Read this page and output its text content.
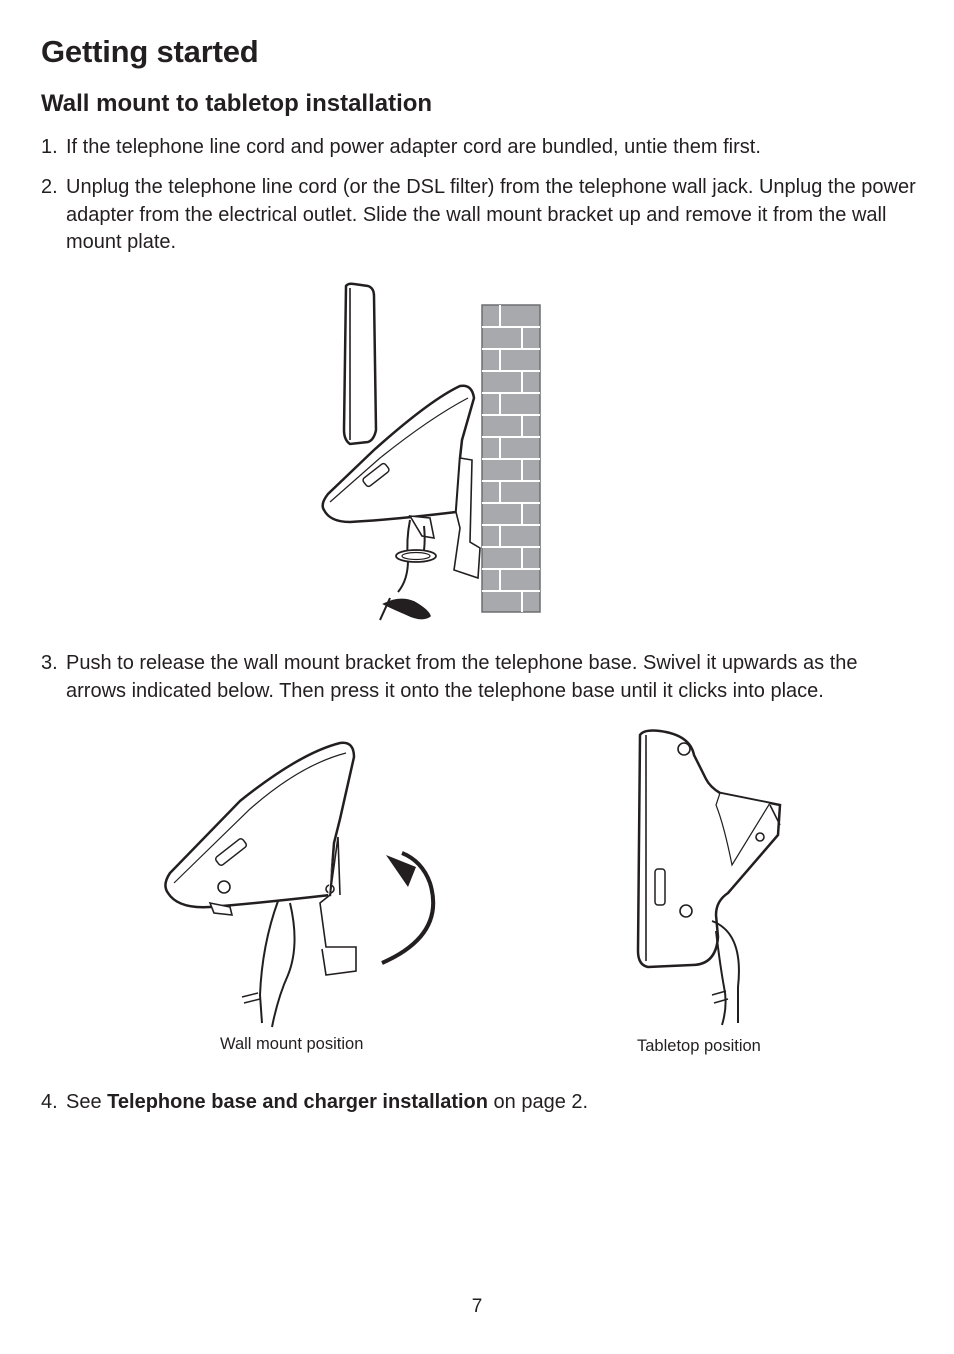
Getting started
Wall mount to tabletop installation
1. If the telephone line cord and power adapter cord are bundled, untie them first.
2. Unplug the telephone line cord (or the DSL filter) from the telephone wall jack. Unplug the power adapter from the electrical outlet. Slide the wall mount bracket up and remove it from the wall mount plate.
3. Push to release the wall mount bracket from the telephone base. Swivel it upwards as the arrows indicated below. Then press it onto the telephone base until it clicks into place.
Wall mount position	Tabletop position
4. See Telephone base and charger installation on page 2.
7
